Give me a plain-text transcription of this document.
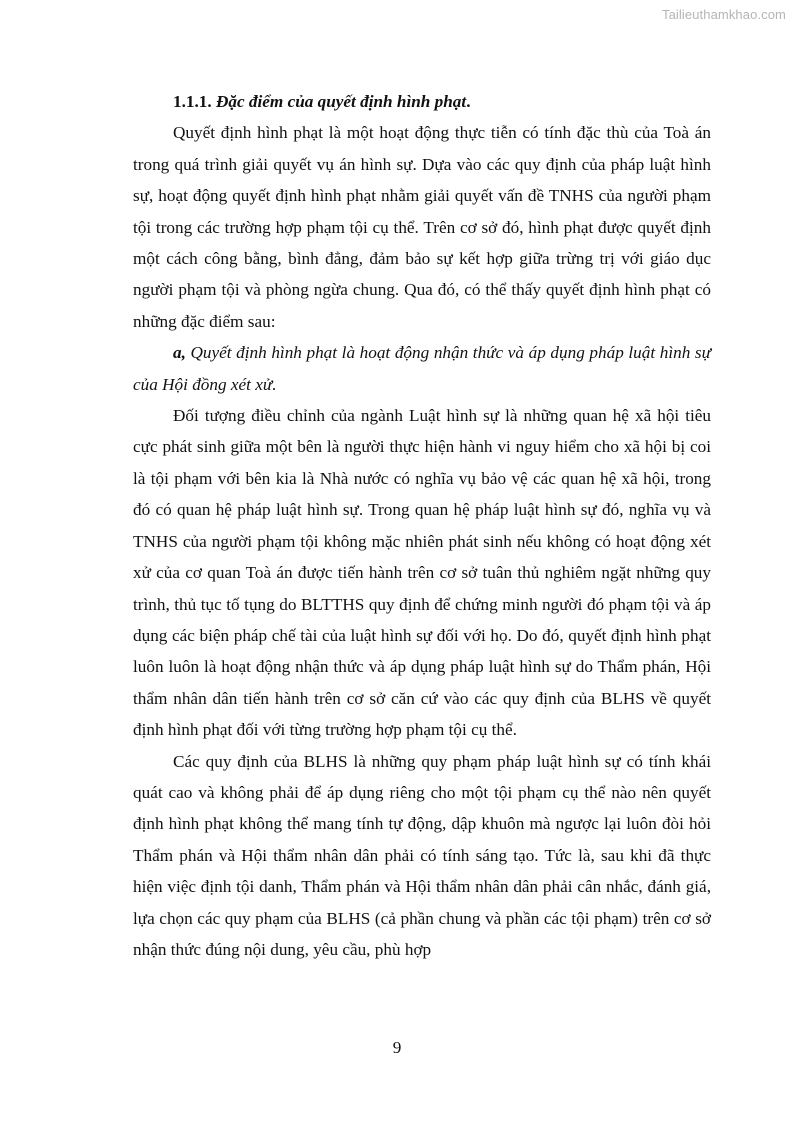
Tailieuthamkhao.com

1.1.1. Đặc điểm của quyết định hình phạt.

Quyết định hình phạt là một hoạt động thực tiễn có tính đặc thù của Toà án trong quá trình giải quyết vụ án hình sự. Dựa vào các quy định của pháp luật hình sự, hoạt động quyết định hình phạt nhằm giải quyết vấn đề TNHS của người phạm tội trong các trường hợp phạm tội cụ thể. Trên cơ sở đó, hình phạt được quyết định một cách công bằng, bình đẳng, đảm bảo sự kết hợp giữa trừng trị với giáo dục người phạm tội và phòng ngừa chung. Qua đó, có thể thấy quyết định hình phạt có những đặc điểm sau:

a, Quyết định hình phạt là hoạt động nhận thức và áp dụng pháp luật hình sự của Hội đồng xét xử.

Đối tượng điều chỉnh của ngành Luật hình sự là những quan hệ xã hội tiêu cực phát sinh giữa một bên là người thực hiện hành vi nguy hiểm cho xã hội bị coi là tội phạm với bên kia là Nhà nước có nghĩa vụ bảo vệ các quan hệ xã hội, trong đó có quan hệ pháp luật hình sự. Trong quan hệ pháp luật hình sự đó, nghĩa vụ và TNHS của người phạm tội không mặc nhiên phát sinh nếu không có hoạt động xét xử của cơ quan Toà án được tiến hành trên cơ sở tuân thủ nghiêm ngặt những quy trình, thủ tục tố tụng do BLTTHS quy định để chứng minh người đó phạm tội và áp dụng các biện pháp chế tài của luật hình sự đối với họ. Do đó, quyết định hình phạt luôn luôn là hoạt động nhận thức và áp dụng pháp luật hình sự do Thẩm phán, Hội thẩm nhân dân tiến hành trên cơ sở căn cứ vào các quy định của BLHS về quyết định hình phạt đối với từng trường hợp phạm tội cụ thể.

Các quy định của BLHS là những quy phạm pháp luật hình sự có tính khái quát cao và không phải để áp dụng riêng cho một tội phạm cụ thể nào nên quyết định hình phạt không thể mang tính tự động, dập khuôn mà ngược lại luôn đòi hỏi Thẩm phán và Hội thẩm nhân dân phải có tính sáng tạo. Tức là, sau khi đã thực hiện việc định tội danh, Thẩm phán và Hội thẩm nhân dân phải cân nhắc, đánh giá, lựa chọn các quy phạm của BLHS (cả phần chung và phần các tội phạm) trên cơ sở nhận thức đúng nội dung, yêu cầu, phù hợp

9
